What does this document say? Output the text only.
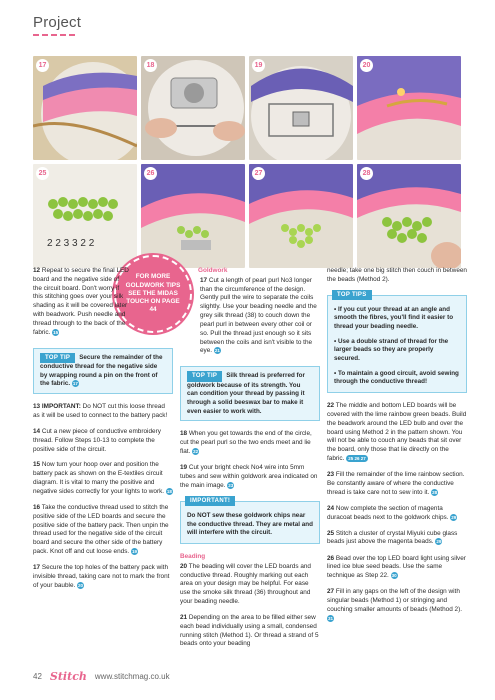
Project
17	18	19	20
2 2 3 3 2 2
25	26	27	28
FOR MORE GOLDWORK TIPS SEE THE MIDAS TOUCH ON PAGE 44

12 Repeat to secure the final LED board and the negative side of the circuit board. Don't worry if this stitching goes over your silk shading as it will be covered later with beadwork. Push needle and thread through to the back of the fabric. 15

TOP TIP Secure the remainder of the conductive thread for the negative side by wrapping round a pin on the front of the fabric. 17

13 IMPORTANT: Do NOT cut this loose thread as it will be used to connect to the battery pack!

14 Cut a new piece of conductive embroidery thread. Follow Steps 10-13 to complete the positive side of the circuit.

15 Now turn your hoop over and position the battery pack as shown on the E-textiles circuit diagram. It is vital to marry the positive and negative sides correctly for your lights to work. 18

16 Take the conductive thread used to stitch the positive side of the LED boards and secure the positive side of the battery pack. Then unpin the thread used for the negative side of the circuit board and secure the other side of the battery pack. Knot off and cut loose ends. 19

17 Secure the top holes of the battery pack with invisible thread, taking care not to mark the front of your bauble. 20

Goldwork

17 Cut a length of pearl purl No3 longer than the circumference of the design. Gently pull the wire to separate the coils slightly. Use your beading needle and the grey silk thread (38) to couch down the pearl purl in between every other coil or so. Pull the thread just enough so it sits between the coils and isn't visible to the eye. 21

TOP TIP Silk thread is preferred for goldwork because of its strength. You can condition your thread by passing it through a solid beeswax bar to make it even easier to work with.

18 When you get towards the end of the circle, cut the pearl purl so the two ends meet and lie flat. 22 23

19 Cut your bright check No4 wire into 5mm tubes and sew within goldwork area indicated on the main image. 23 24

IMPORTANT!
Do NOT sew these goldwork chips near the conductive thread. They are metal and will interfere with the circuit.
Beading

20 The beading will cover the LED boards and conductive thread. Roughly marking out each area on your design may be helpful. For ease use the smoke silk thread (36) throughout and your beading needle.

21 Depending on the area to be filled either sew each bead individually using a small, condensed running stitch (Method 1). Or thread a strand of 5 beads onto your beading

needle; take one big stitch then couch in between the beads (Method 2).

TOP TIPS

• If you cut your thread at an angle and smooth the fibres, you'll find it easier to thread your beading needle.

• Use a double strand of thread for the larger beads so they are properly secured.

• To maintain a good circuit, avoid sewing through the conductive thread!

22 The middle and bottom LED boards will be covered with the lime rainbow green beads. Build the beadwork around the LED bulb and over the board using Method 2 in the pattern shown. You will not be able to couch any beads that sit over the board, only those that lie directly on the fabric. 25 26 27

23 Fill the remainder of the lime rainbow section. Be constantly aware of where the conductive thread is take care not to sew into it. 28

24 Now complete the section of magenta duracoat beads next to the goldwork chips. 29

25 Stitch a cluster of crystal Miyuki cube glass beads just above the magenta beads. 29

26 Bead over the top LED board light using silver lined ice blue seed beads. Use the same technique as Step 22. 30

27 Fill in any gaps on the left of the design with singular beads (Method 1) or stringing and couching smaller amounts of beads (Method 2). 31

42 Stitch www.stitchmag.co.uk
